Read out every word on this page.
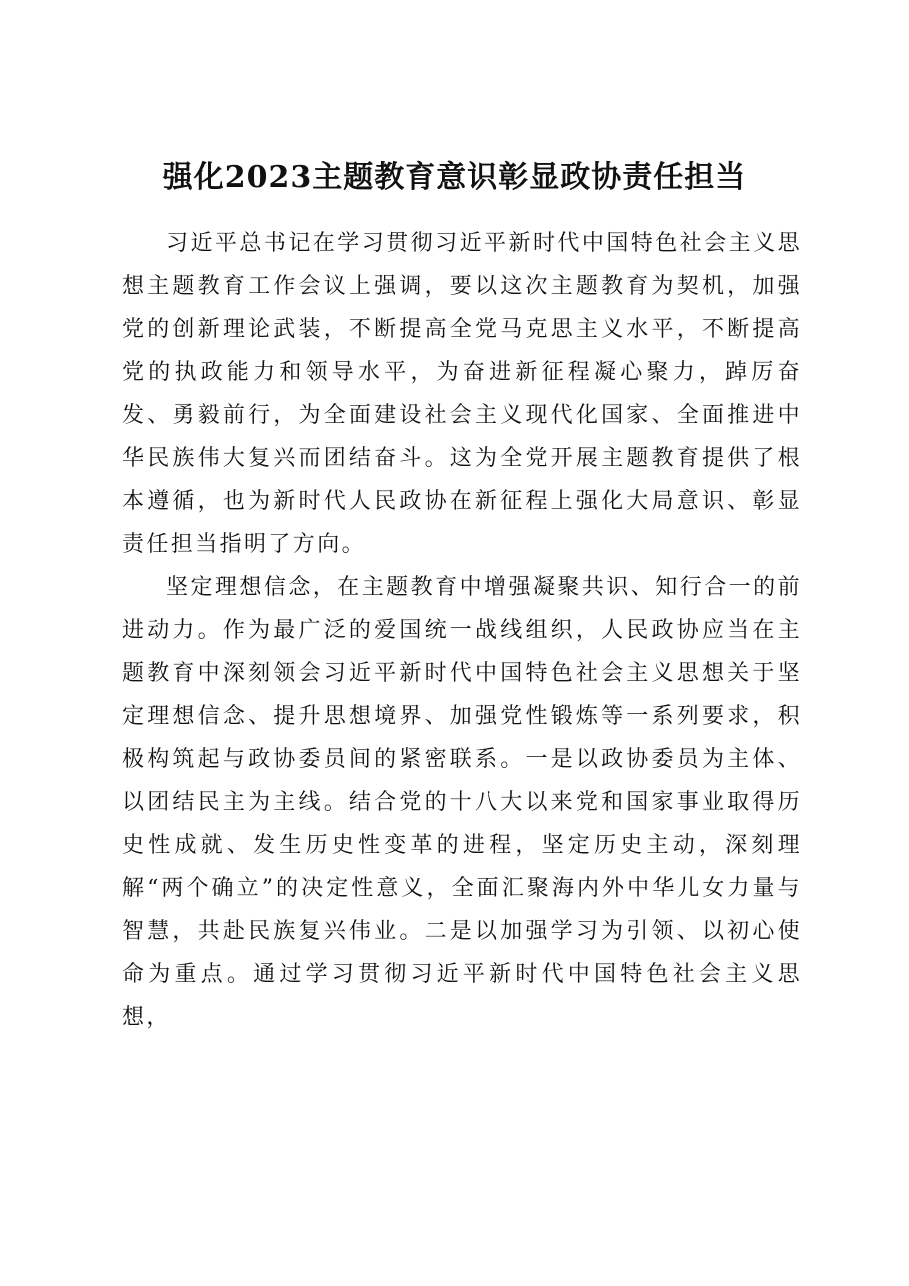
强化2023主题教育意识彰显政协责任担当

习近平总书记在学习贯彻习近平新时代中国特色社会主义思想主题教育工作会议上强调，要以这次主题教育为契机，加强党的创新理论武装，不断提高全党马克思主义水平，不断提高党的执政能力和领导水平，为奋进新征程凝心聚力，踔厉奋发、勇毅前行，为全面建设社会主义现代化国家、全面推进中华民族伟大复兴而团结奋斗。这为全党开展主题教育提供了根本遵循，也为新时代人民政协在新征程上强化大局意识、彰显责任担当指明了方向。

坚定理想信念，在主题教育中增强凝聚共识、知行合一的前进动力。作为最广泛的爱国统一战线组织，人民政协应当在主题教育中深刻领会习近平新时代中国特色社会主义思想关于坚定理想信念、提升思想境界、加强党性锻炼等一系列要求，积极构筑起与政协委员间的紧密联系。一是以政协委员为主体、以团结民主为主线。结合党的十八大以来党和国家事业取得历史性成就、发生历史性变革的进程，坚定历史主动，深刻理解“两个确立”的决定性意义，全面汇聚海内外中华儿女力量与智慧，共赴民族复兴伟业。二是以加强学习为引领、以初心使命为重点。通过学习贯彻习近平新时代中国特色社会主义思想，
